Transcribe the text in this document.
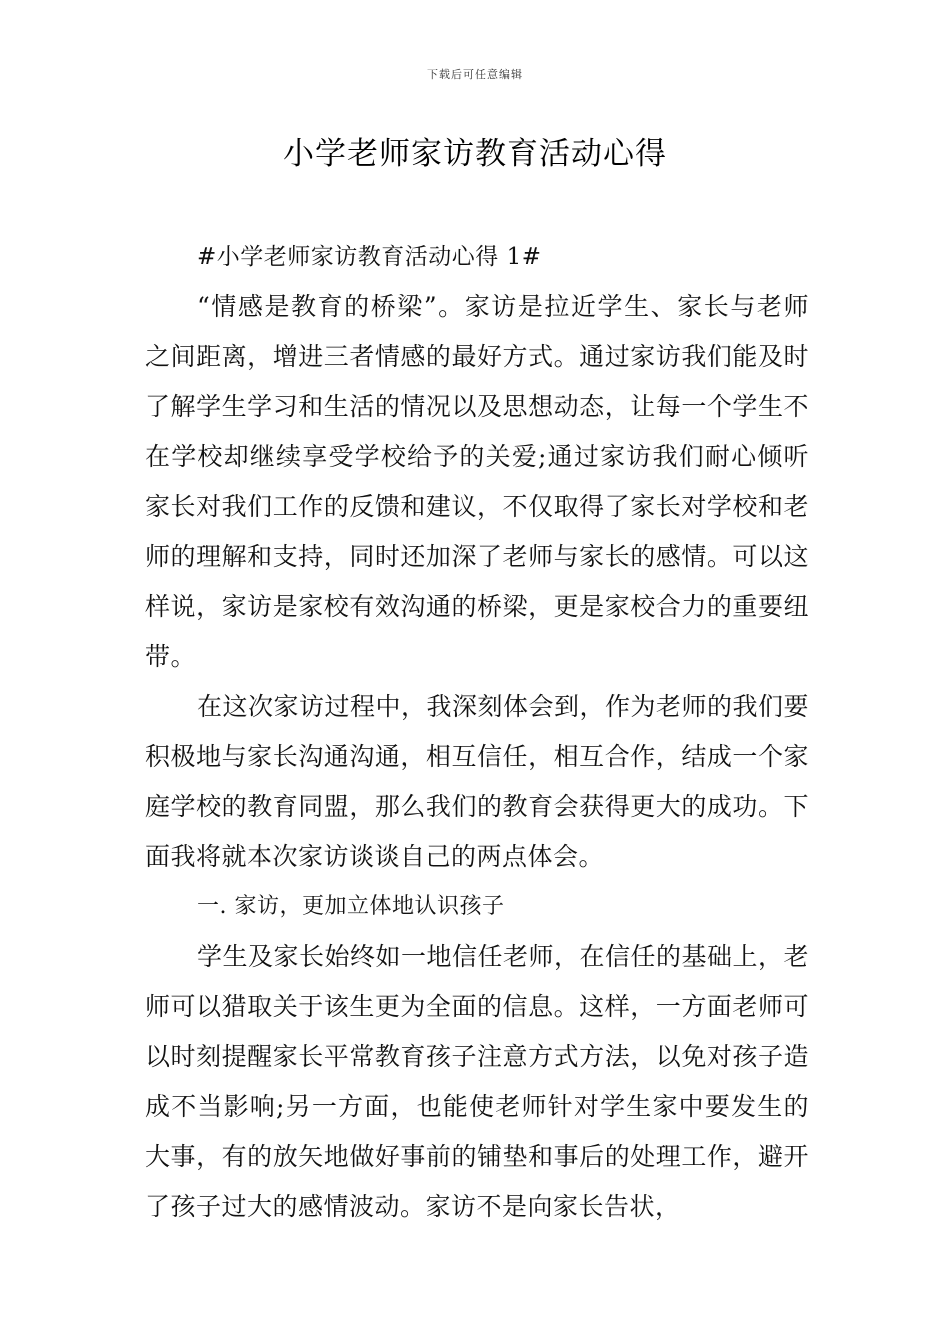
下载后可任意编辑
小学老师家访教育活动心得

#小学老师家访教育活动心得 1#

“情感是教育的桥梁”。家访是拉近学生、家长与老师之间距离，增进三者情感的最好方式。通过家访我们能及时了解学生学习和生活的情况以及思想动态，让每一个学生不在学校却继续享受学校给予的关爱;通过家访我们耐心倾听家长对我们工作的反馈和建议，不仅取得了家长对学校和老师的理解和支持，同时还加深了老师与家长的感情。可以这样说，家访是家校有效沟通的桥梁，更是家校合力的重要纽带。

在这次家访过程中，我深刻体会到，作为老师的我们要积极地与家长沟通沟通，相互信任，相互合作，结成一个家庭学校的教育同盟，那么我们的教育会获得更大的成功。下面我将就本次家访谈谈自己的两点体会。

一. 家访，更加立体地认识孩子

学生及家长始终如一地信任老师，在信任的基础上，老师可以猎取关于该生更为全面的信息。这样，一方面老师可以时刻提醒家长平常教育孩子注意方式方法，以免对孩子造成不当影响;另一方面，也能使老师针对学生家中要发生的大事，有的放矢地做好事前的铺垫和事后的处理工作，避开了孩子过大的感情波动。家访不是向家长告状，
